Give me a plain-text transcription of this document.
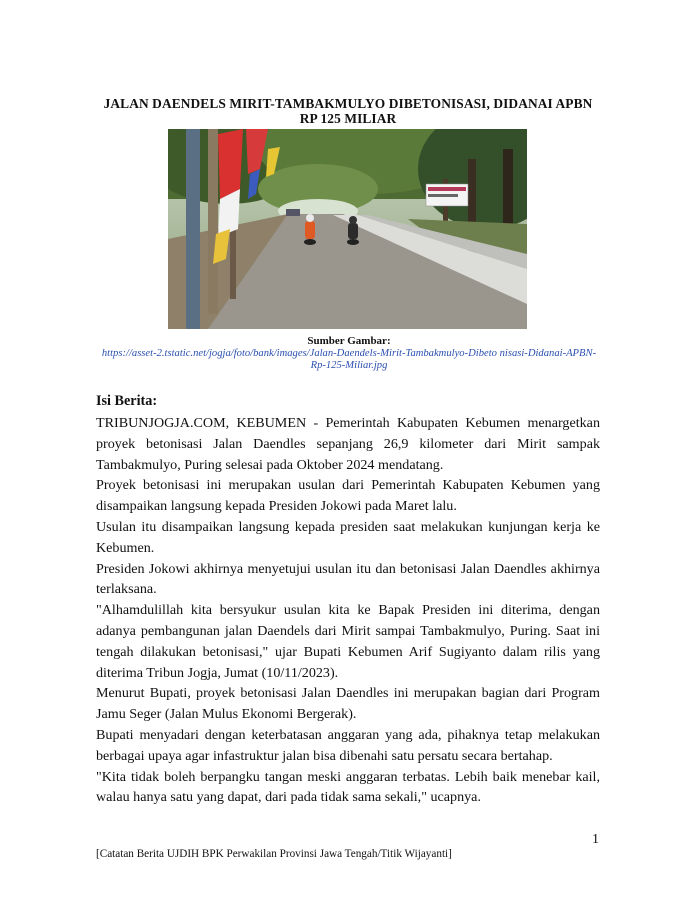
JALAN DAENDELS MIRIT-TAMBAKMULYO DIBETONISASI, DIDANAI APBN RP 125 MILIAR
Sumber Gambar:
https://asset-2.tstatic.net/jogja/foto/bank/images/Jalan-Daendels-Mirit-Tambakmulyo-Dibeto nisasi-Didanai-APBN-Rp-125-Miliar.jpg
Isi Berita:

TRIBUNJOGJA.COM, KEBUMEN - Pemerintah Kabupaten Kebumen menargetkan proyek betonisasi Jalan Daendles sepanjang 26,9 kilometer dari Mirit sampak Tambakmulyo, Puring selesai pada Oktober 2024 mendatang.

Proyek betonisasi ini merupakan usulan dari Pemerintah Kabupaten Kebumen yang disampaikan langsung kepada Presiden Jokowi pada Maret lalu.

Usulan itu disampaikan langsung kepada presiden saat melakukan kunjungan kerja ke Kebumen.

Presiden Jokowi akhirnya menyetujui usulan itu dan betonisasi Jalan Daendles akhirnya terlaksana.

"Alhamdulillah kita bersyukur usulan kita ke Bapak Presiden ini diterima, dengan adanya pembangunan jalan Daendels dari Mirit sampai Tambakmulyo, Puring. Saat ini tengah dilakukan betonisasi," ujar Bupati Kebumen Arif Sugiyanto dalam rilis yang diterima Tribun Jogja, Jumat (10/11/2023).

Menurut Bupati, proyek betonisasi Jalan Daendles ini merupakan bagian dari Program Jamu Seger (Jalan Mulus Ekonomi Bergerak).

Bupati menyadari dengan keterbatasan anggaran yang ada, pihaknya tetap melakukan berbagai upaya agar infastruktur jalan bisa dibenahi satu persatu secara bertahap.

"Kita tidak boleh berpangku tangan meski anggaran terbatas. Lebih baik menebar kail, walau hanya satu yang dapat, dari pada tidak sama sekali," ucapnya.

1
[Catatan Berita UJDIH BPK Perwakilan Provinsi Jawa Tengah/Titik Wijayanti]
